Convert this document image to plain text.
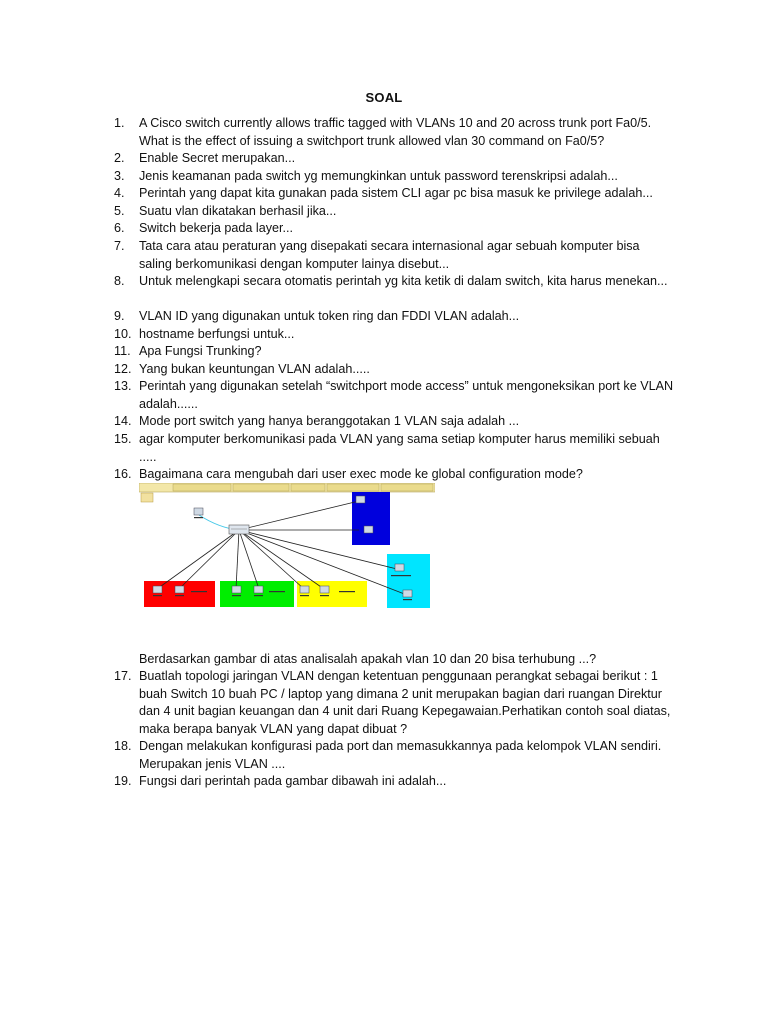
SOAL
1.	A Cisco switch currently allows traffic tagged with VLANs 10 and 20 across trunk port Fa0/5. What is the effect of issuing a switchport trunk allowed vlan 30 command on Fa0/5?
2.	Enable Secret merupakan...
3.	Jenis keamanan pada switch yg memungkinkan untuk password terenskripsi adalah...
4.	Perintah yang dapat kita gunakan pada sistem CLI agar pc bisa masuk ke privilege adalah...
5.	Suatu vlan dikatakan berhasil jika...
6.	Switch bekerja pada layer...
7.	Tata cara atau peraturan yang disepakati secara internasional agar sebuah komputer bisa saling berkomunikasi dengan komputer lainya disebut...
8.	Untuk melengkapi secara otomatis perintah yg kita ketik di dalam switch, kita harus menekan...
9.	VLAN ID yang digunakan untuk token ring dan FDDI VLAN adalah...
10. hostname berfungsi untuk...
11. Apa Fungsi Trunking?
12. Yang bukan keuntungan VLAN adalah.....
13. Perintah yang digunakan setelah “switchport mode access” untuk mengoneksikan port ke VLAN adalah......
14. Mode port switch yang hanya beranggotakan 1 VLAN saja adalah ...
15. agar komputer berkomunikasi pada VLAN yang sama setiap komputer harus memiliki sebuah .....
16. Bagaimana cara mengubah dari user exec mode ke global configuration mode?
Berdasarkan gambar di atas analisalah apakah vlan 10 dan 20 bisa terhubung ...?
17. Buatlah topologi jaringan VLAN dengan ketentuan penggunaan perangkat sebagai berikut : 1 buah Switch 10 buah PC / laptop yang dimana 2 unit merupakan bagian dari ruangan Direktur dan 4 unit bagian keuangan dan 4 unit dari Ruang Kepegawaian.Perhatikan contoh soal diatas, maka berapa banyak VLAN yang dapat dibuat ?
18. Dengan melakukan konfigurasi pada port dan memasukkannya pada kelompok VLAN sendiri. Merupakan jenis VLAN ....
19. Fungsi dari perintah pada gambar dibawah ini adalah...
